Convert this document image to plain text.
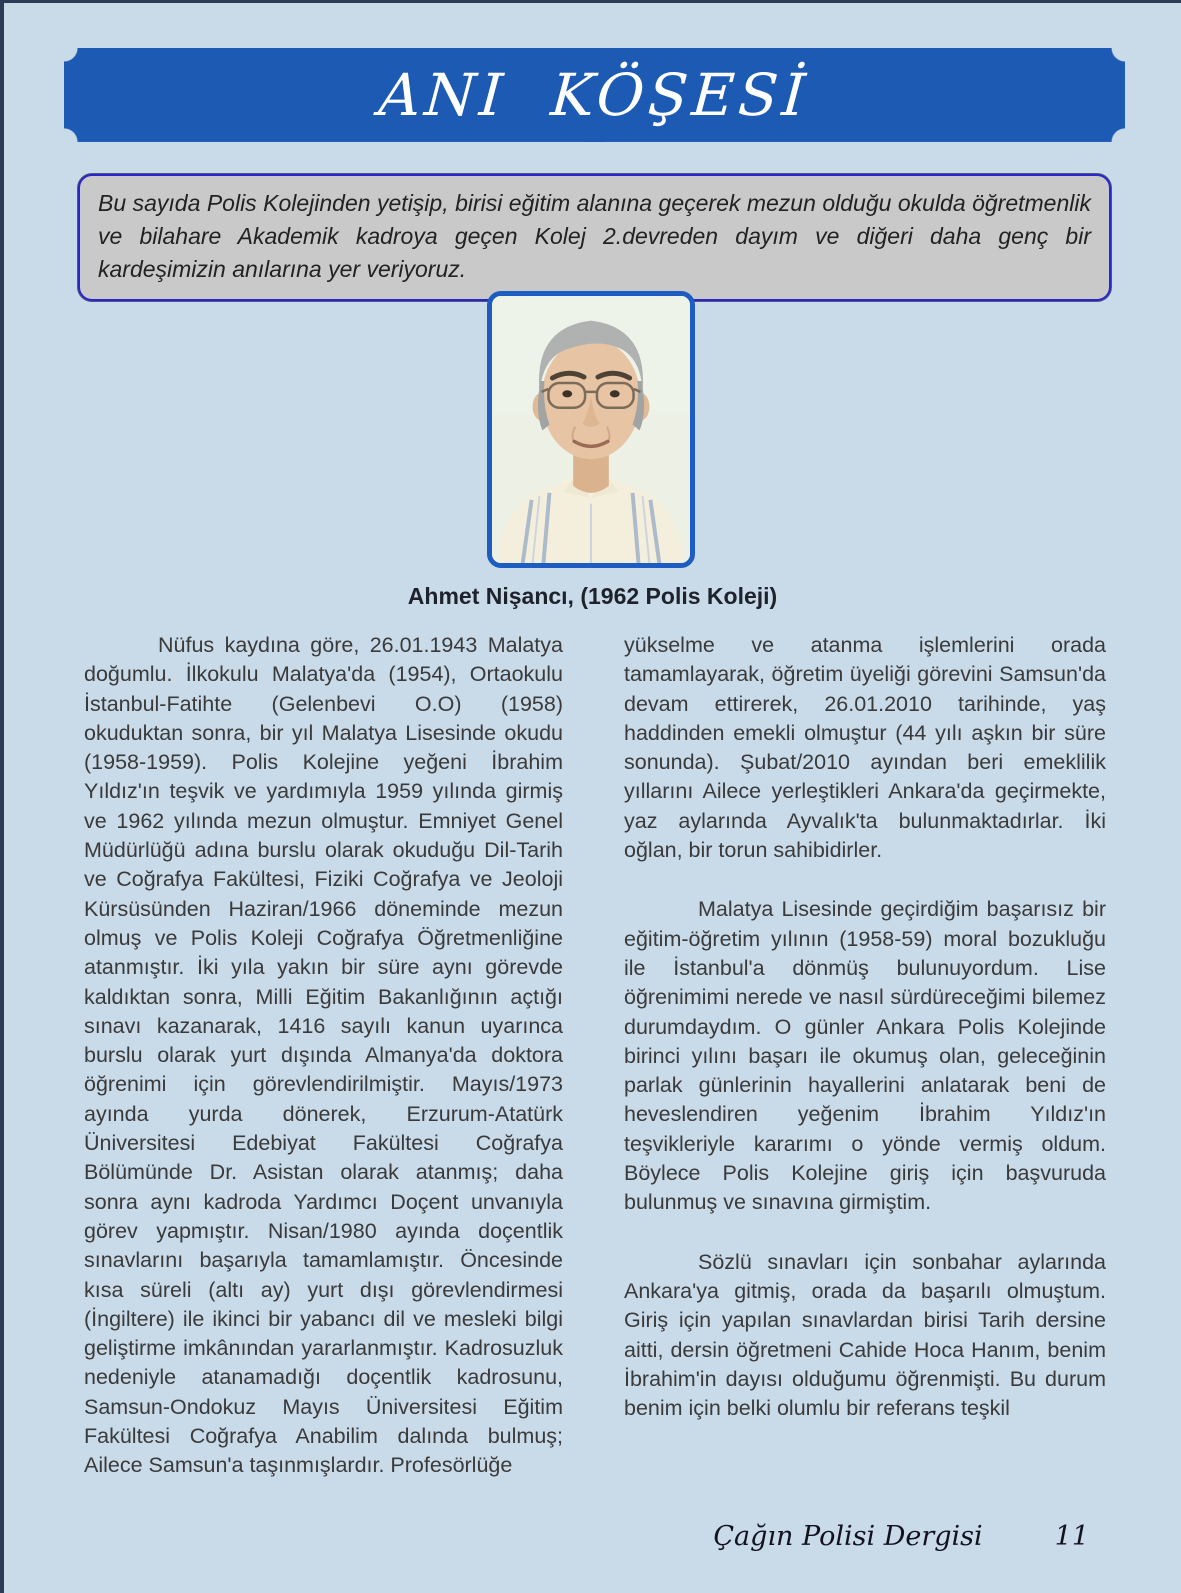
ANI KÖŞESİ
Bu sayıda Polis Kolejinden yetişip, birisi eğitim alanına geçerek mezun olduğu okulda öğretmenlik ve bilahare Akademik kadroya geçen Kolej 2.devreden dayım ve diğeri daha genç bir kardeşimizin anılarına yer veriyoruz.
Ahmet Nişancı, (1962 Polis Koleji)

Nüfus kaydına göre, 26.01.1943 Malatya doğumlu. İlkokulu Malatya'da (1954), Ortaokulu İstanbul-Fatihte (Gelenbevi O.O) (1958) okuduktan sonra, bir yıl Malatya Lisesinde okudu (1958-1959). Polis Kolejine yeğeni İbrahim Yıldız'ın teşvik ve yardımıyla 1959 yılında girmiş ve 1962 yılında mezun olmuştur. Emniyet Genel Müdürlüğü adına burslu olarak okuduğu Dil-Tarih ve Coğrafya Fakültesi, Fiziki Coğrafya ve Jeoloji Kürsüsünden Haziran/1966 döneminde mezun olmuş ve Polis Koleji Coğrafya Öğretmenliğine atanmıştır. İki yıla yakın bir süre aynı görevde kaldıktan sonra, Milli Eğitim Bakanlığının açtığı sınavı kazanarak, 1416 sayılı kanun uyarınca burslu olarak yurt dışında Almanya'da doktora öğrenimi için görevlendirilmiştir. Mayıs/1973 ayında yurda dönerek, Erzurum-Atatürk Üniversitesi Edebiyat Fakültesi Coğrafya Bölümünde Dr. Asistan olarak atanmış; daha sonra aynı kadroda Yardımcı Doçent unvanıyla görev yapmıştır. Nisan/1980 ayında doçentlik sınavlarını başarıyla tamamlamıştır. Öncesinde kısa süreli (altı ay) yurt dışı görevlendirmesi (İngiltere) ile ikinci bir yabancı dil ve mesleki bilgi geliştirme imkânından yararlanmıştır. Kadrosuzluk nedeniyle atanamadığı doçentlik kadrosunu, Samsun-Ondokuz Mayıs Üniversitesi Eğitim Fakültesi Coğrafya Anabilim dalında bulmuş; Ailece Samsun'a taşınmışlardır. Profesörlüğe

yükselme ve atanma işlemlerini orada tamamlayarak, öğretim üyeliği görevini Samsun'da devam ettirerek, 26.01.2010 tarihinde, yaş haddinden emekli olmuştur (44 yılı aşkın bir süre sonunda). Şubat/2010 ayından beri emeklilik yıllarını Ailece yerleştikleri Ankara'da geçirmekte, yaz aylarında Ayvalık'ta bulunmaktadırlar. İki oğlan, bir torun sahibidirler.

Malatya Lisesinde geçirdiğim başarısız bir eğitim-öğretim yılının (1958-59) moral bozukluğu ile İstanbul'a dönmüş bulunuyordum. Lise öğrenimimi nerede ve nasıl sürdüreceğimi bilemez durumdaydım. O günler Ankara Polis Kolejinde birinci yılını başarı ile okumuş olan, geleceğinin parlak günlerinin hayallerini anlatarak beni de heveslendiren yeğenim İbrahim Yıldız'ın teşvikleriyle kararımı o yönde vermiş oldum. Böylece Polis Kolejine giriş için başvuruda bulunmuş ve sınavına girmiştim.

Sözlü sınavları için sonbahar aylarında Ankara'ya gitmiş, orada da başarılı olmuştum. Giriş için yapılan sınavlardan birisi Tarih dersine aitti, dersin öğretmeni Cahide Hoca Hanım, benim İbrahim'in dayısı olduğumu öğrenmişti. Bu durum benim için belki olumlu bir referans teşkil

Çağın Polisi Dergisi	11
